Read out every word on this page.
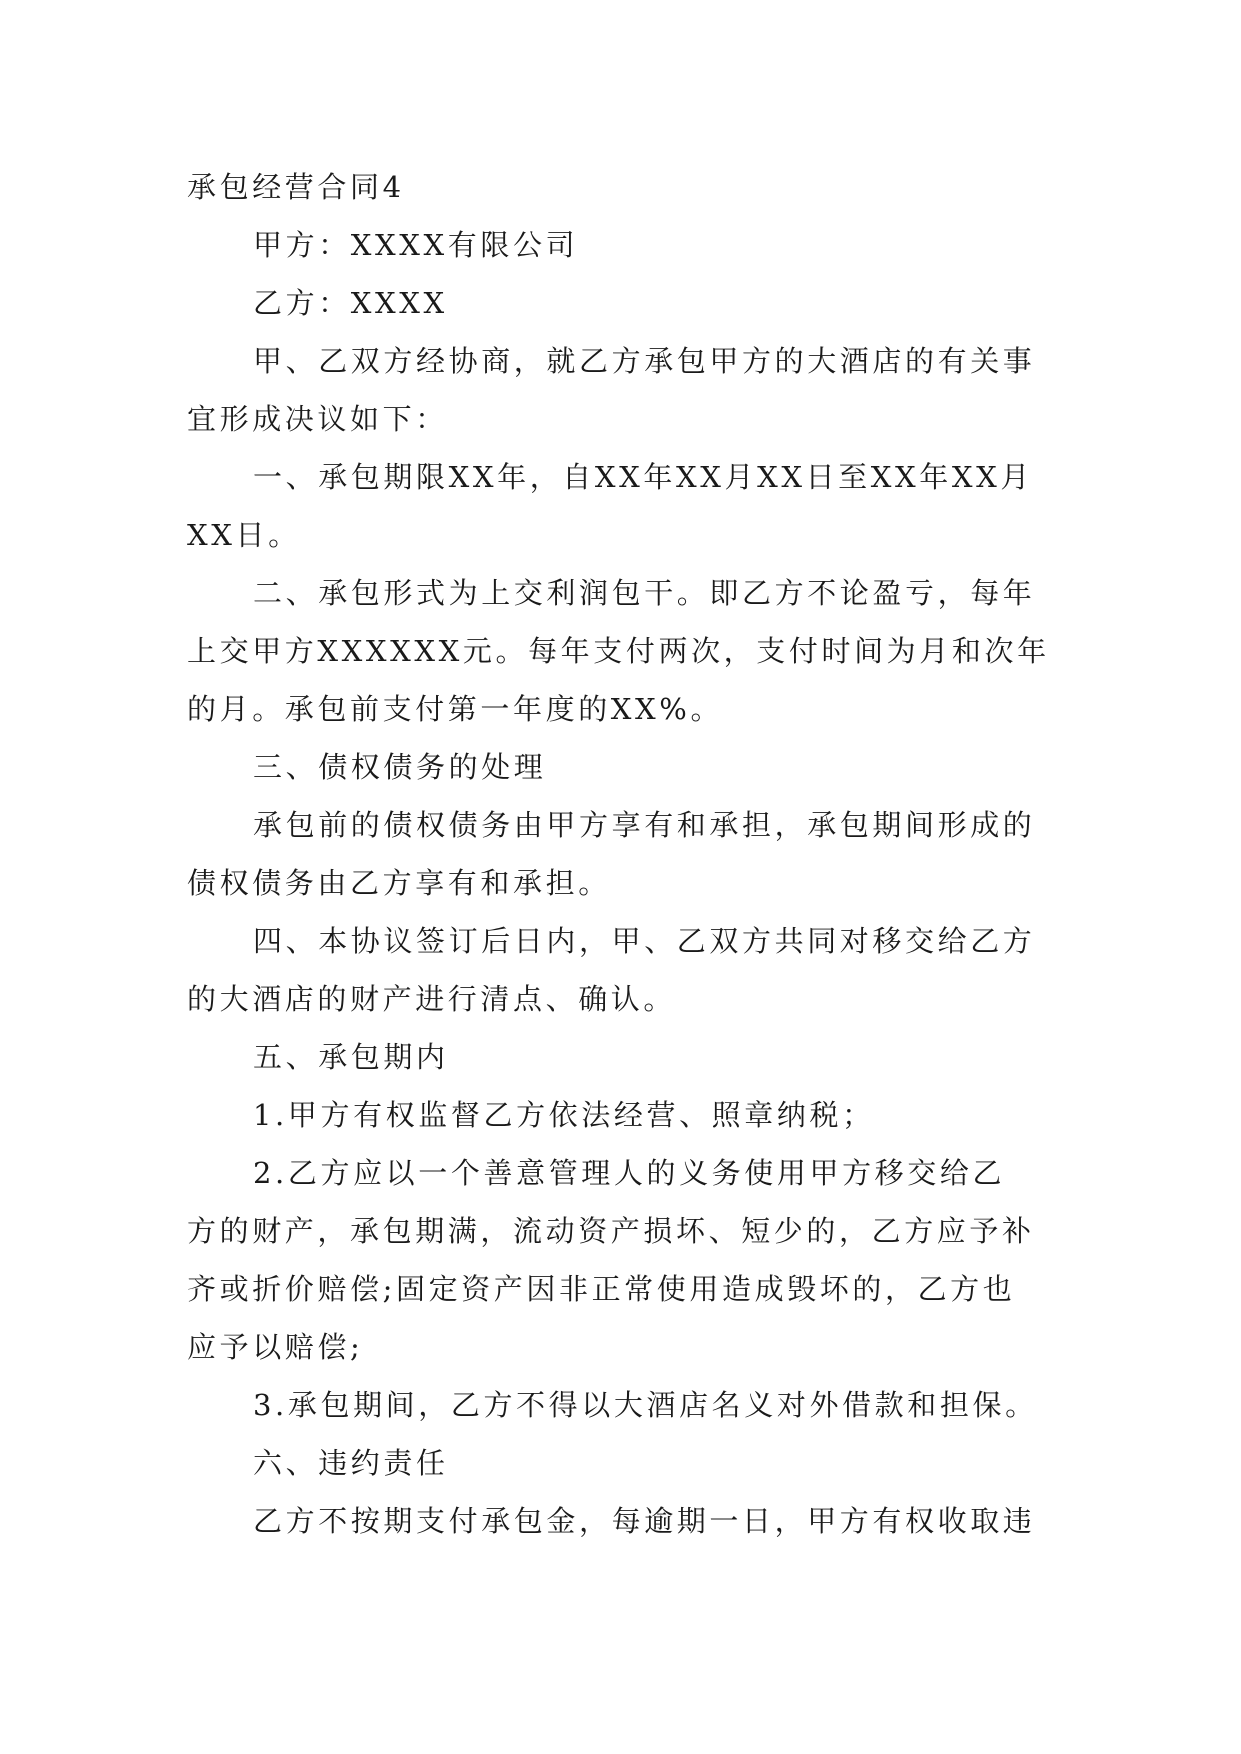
承包经营合同4
甲方：XXXX有限公司
乙方：XXXX
甲、乙双方经协商，就乙方承包甲方的大酒店的有关事
宜形成决议如下：
一、承包期限XX年，自XX年XX月XX日至XX年XX月
XX日。
二、承包形式为上交利润包干。即乙方不论盈亏，每年
上交甲方XXXXXX元。每年支付两次，支付时间为月和次年
的月。承包前支付第一年度的XX%。
三、债权债务的处理
承包前的债权债务由甲方享有和承担，承包期间形成的
债权债务由乙方享有和承担。
四、本协议签订后日内，甲、乙双方共同对移交给乙方
的大酒店的财产进行清点、确认。
五、承包期内
1.甲方有权监督乙方依法经营、照章纳税；
2.乙方应以一个善意管理人的义务使用甲方移交给乙
方的财产，承包期满，流动资产损坏、短少的，乙方应予补
齐或折价赔偿;固定资产因非正常使用造成毁坏的，乙方也
应予以赔偿;
3.承包期间，乙方不得以大酒店名义对外借款和担保。
六、违约责任
乙方不按期支付承包金，每逾期一日，甲方有权收取违
